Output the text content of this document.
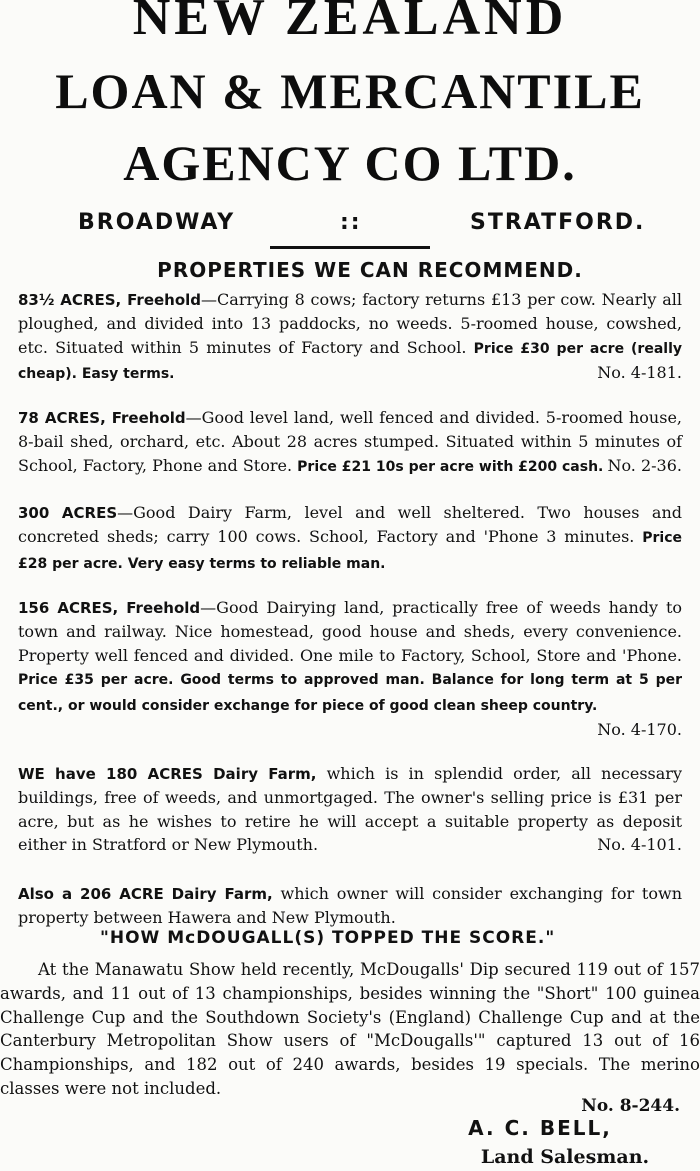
NEW ZEALAND
LOAN & MERCANTILE
AGENCY CO LTD.
BROADWAY	::	STRATFORD.
PROPERTIES WE CAN RECOMMEND.
83½ ACRES, Freehold—Carrying 8 cows; factory returns £13 per cow. Nearly all ploughed, and divided into 13 paddocks, no weeds. 5-roomed house, cowshed, etc. Situated within 5 minutes of Factory and School. Price £30 per acre (really cheap). Easy terms.	No. 4-181.
78 ACRES, Freehold—Good level land, well fenced and divided. 5-roomed house, 8-bail shed, orchard, etc. About 28 acres stumped. Situated within 5 minutes of School, Factory, Phone and Store. Price £21 10s per acre with £200 cash. No. 2-36.
300 ACRES—Good Dairy Farm, level and well sheltered. Two houses and concreted sheds; carry 100 cows. School, Factory and 'Phone 3 minutes. Price £28 per acre. Very easy terms to reliable man.
156 ACRES, Freehold—Good Dairying land, practically free of weeds handy to town and railway. Nice homestead, good house and sheds, every convenience. Property well fenced and divided. One mile to Factory, School, Store and 'Phone. Price £35 per acre. Good terms to approved man. Balance for long term at 5 per cent., or would consider exchange for piece of good clean sheep country.
No. 4-170.
WE have 180 ACRES Dairy Farm, which is in splendid order, all necessary buildings, free of weeds, and unmortgaged. The owner's selling price is £31 per acre, but as he wishes to retire he will accept a suitable property as deposit either in Stratford or New Plymouth.	No. 4-101.
Also a 206 ACRE Dairy Farm, which owner will consider exchanging for town property between Hawera and New Plymouth.
"HOW McDOUGALL(S) TOPPED THE SCORE."

At the Manawatu Show held recently, McDougalls' Dip secured 119 out of 157 awards, and 11 out of 13 championships, besides winning the "Short" 100 guinea Challenge Cup and the Southdown Society's (England) Challenge Cup and at the Canterbury Metropolitan Show users of "McDougalls'" captured 13 out of 16 Championships, and 182 out of 240 awards, besides 19 specials. The merino classes were not included.

No. 8-244.
A. C. BELL,
Land Salesman.
